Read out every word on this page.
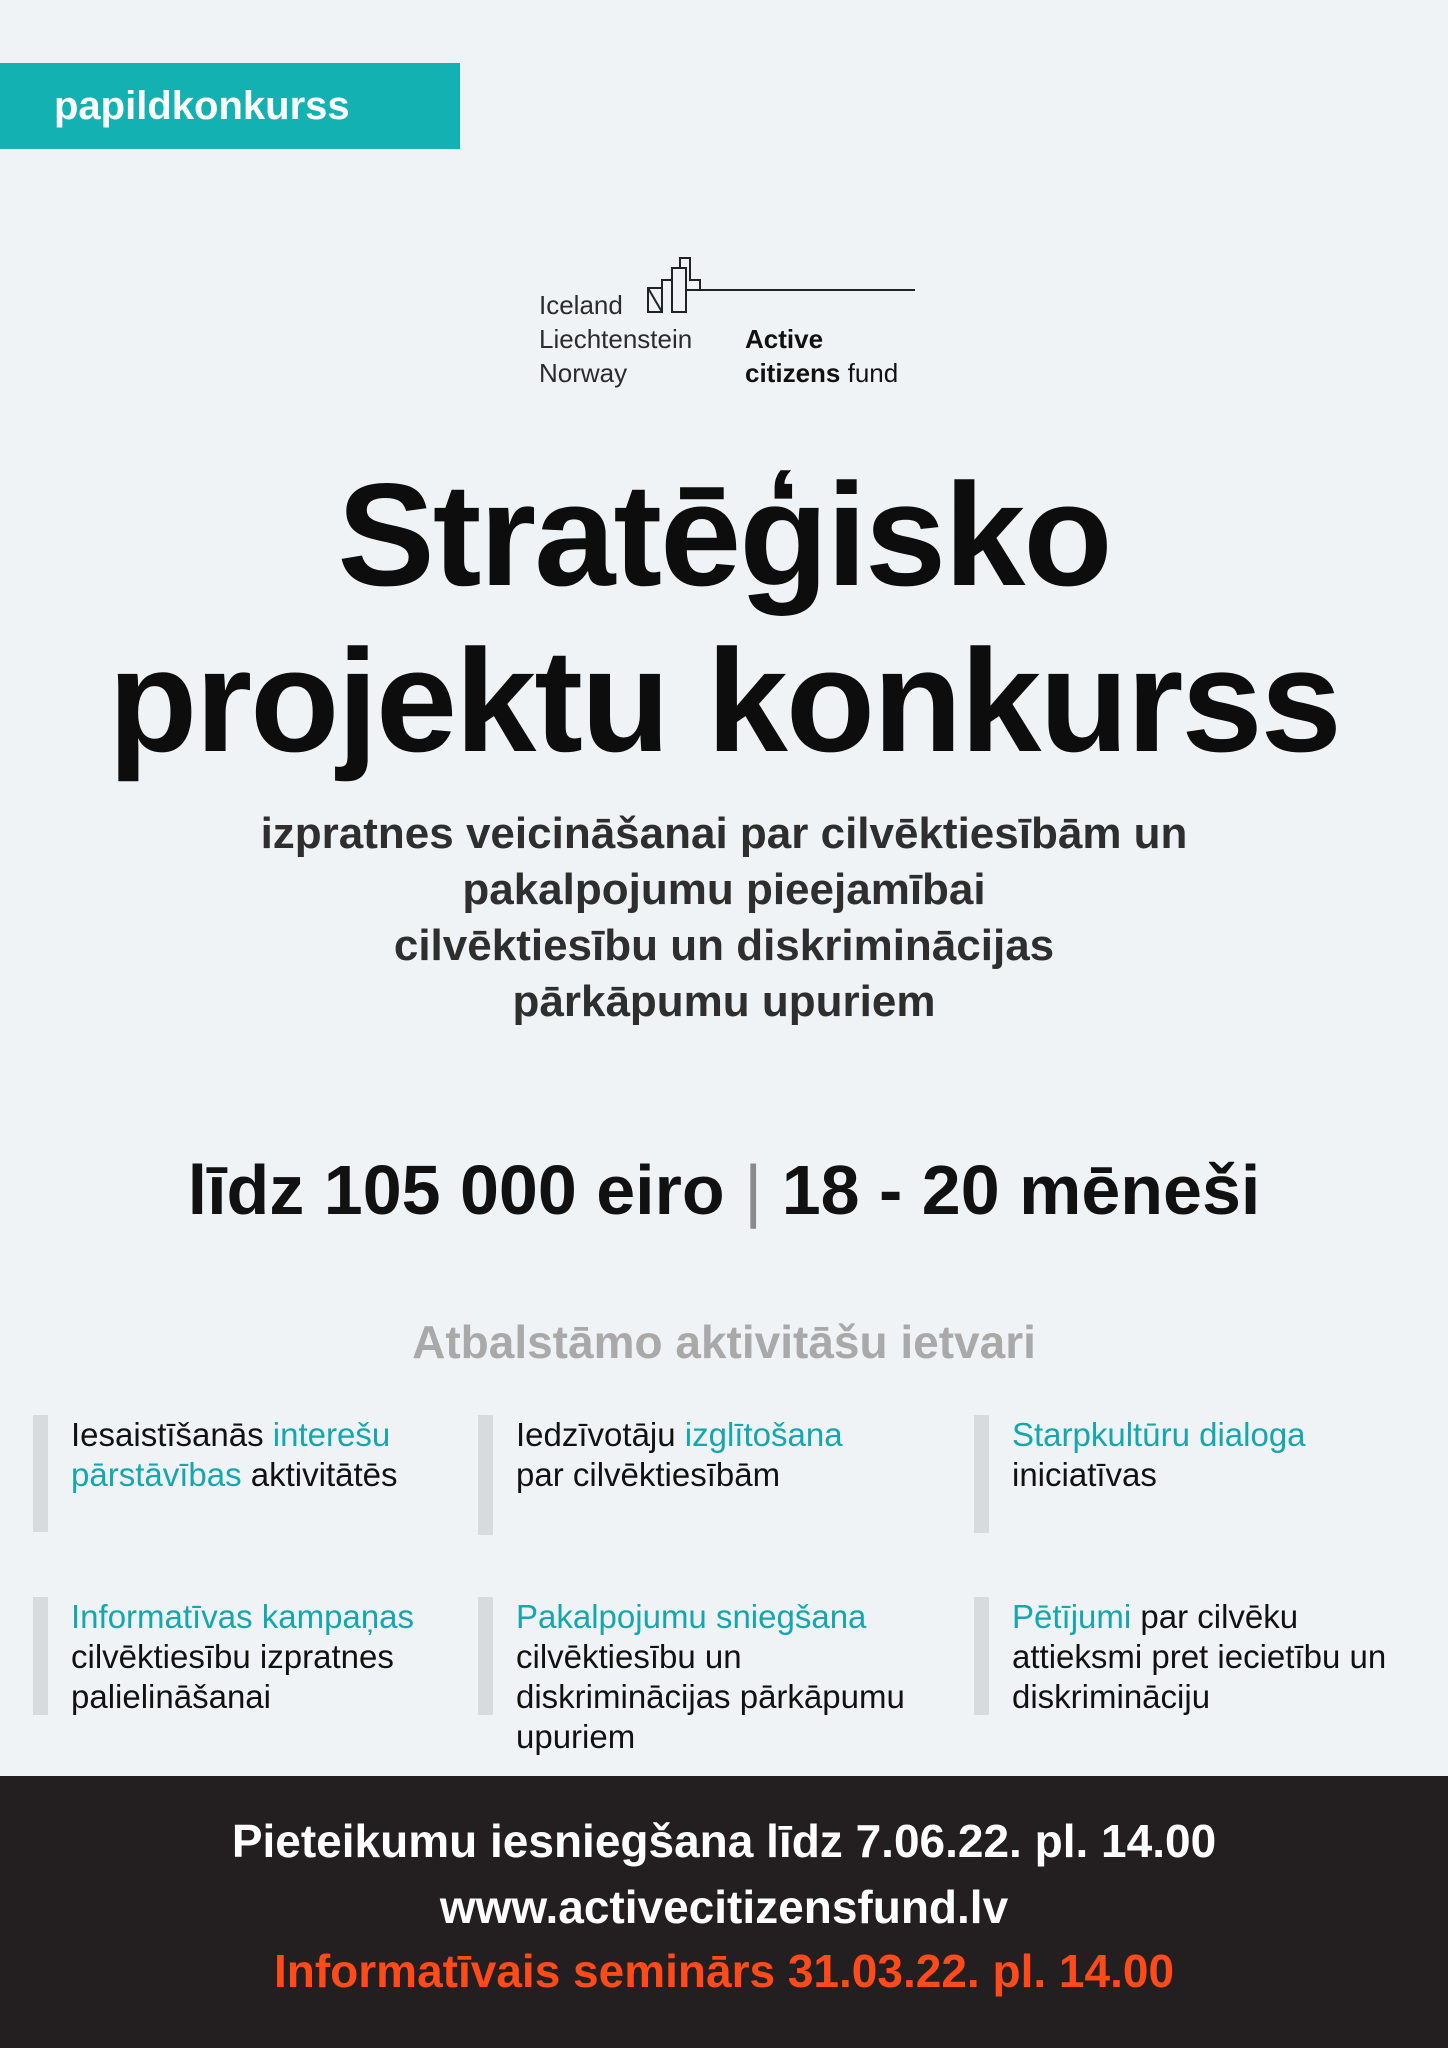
papildkonkurss
Iceland
Liechtenstein
Norway
Active
citizens fund
Stratēģisko
projektu konkurss
izpratnes veicināšanai par cilvēktiesībām un
pakalpojumu pieejamībai
cilvēktiesību un diskriminācijas
pārkāpumu upuriem
līdz 105 000 eiro | 18 - 20 mēneši
Atbalstāmo aktivitāšu ietvari
Iesaistīšanās interešu pārstāvības aktivitātēs
Iedzīvotāju izglītošana par cilvēktiesībām
Starpkultūru dialoga iniciatīvas
Informatīvas kampaņas cilvēktiesību izpratnes palielināšanai
Pakalpojumu sniegšana cilvēktiesību un diskriminācijas pārkāpumu upuriem
Pētījumi par cilvēku attieksmi pret iecietību un diskrimināciju
Pieteikumu iesniegšana līdz 7.06.22. pl. 14.00
www.activecitizensfund.lv
Informatīvais seminārs 31.03.22. pl. 14.00
